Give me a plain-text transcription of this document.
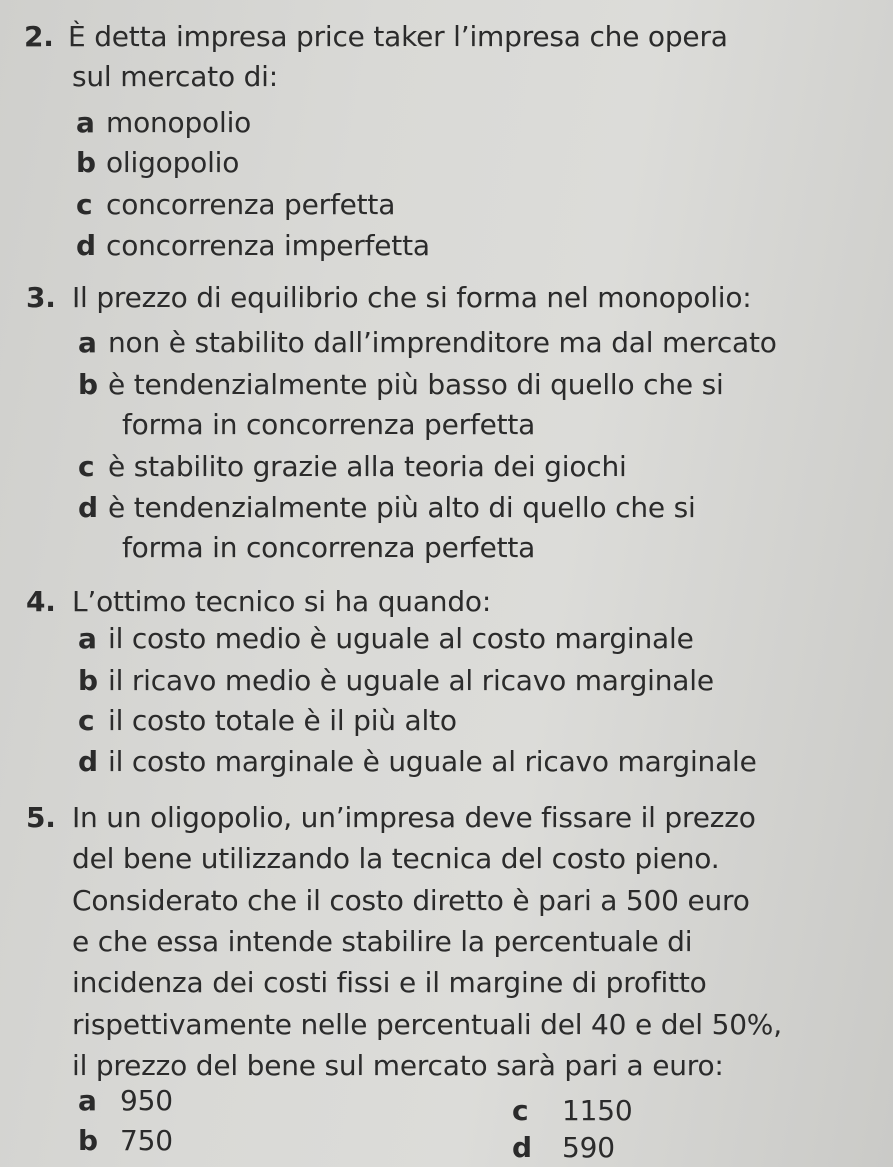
2. È detta impresa price taker l’impresa che opera
sul mercato di:
a monopolio
b oligopolio
c concorrenza perfetta
d concorrenza imperfetta
3. Il prezzo di equilibrio che si forma nel monopolio:
a non è stabilito dall’imprenditore ma dal mercato
b è tendenzialmente più basso di quello che si
forma in concorrenza perfetta
c è stabilito grazie alla teoria dei giochi
d è tendenzialmente più alto di quello che si
forma in concorrenza perfetta
4. L’ottimo tecnico si ha quando:
a il costo medio è uguale al costo marginale
b il ricavo medio è uguale al ricavo marginale
c il costo totale è il più alto
d il costo marginale è uguale al ricavo marginale
5. In un oligopolio, un’impresa deve fissare il prezzo
del bene utilizzando la tecnica del costo pieno.
Considerato che il costo diretto è pari a 500 euro
e che essa intende stabilire la percentuale di
incidenza dei costi fissi e il margine di profitto
rispettivamente nelle percentuali del 40 e del 50%,
il prezzo del bene sul mercato sarà pari a euro:
a 950	c 1150
b 750	d 590
